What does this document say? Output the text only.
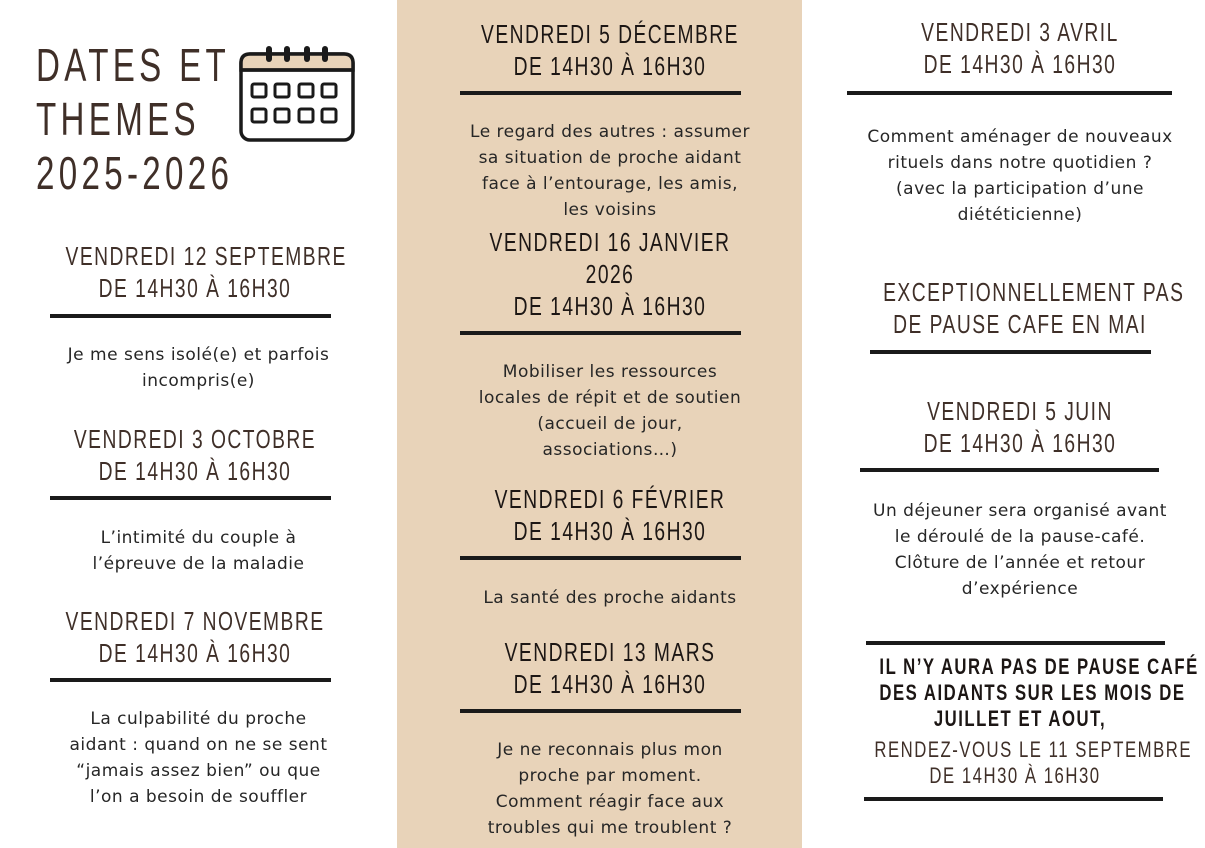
DATES ET
THEMES
2025-2026
VENDREDI 12 SEPTEMBRE
DE 14H30 À 16H30
Je me sens isolé(e) et parfois
incompris(e)
VENDREDI 3 OCTOBRE
DE 14H30 À 16H30
L’intimité du couple à
l’épreuve de la maladie
VENDREDI 7 NOVEMBRE
DE 14H30 À 16H30
La culpabilité du proche
aidant : quand on ne se sent
“jamais assez bien” ou que
l’on a besoin de souffler
VENDREDI 5 DÉCEMBRE
DE 14H30 À 16H30
Le regard des autres : assumer
sa situation de proche aidant
face à l’entourage, les amis,
les voisins
VENDREDI 16 JANVIER
2026
DE 14H30 À 16H30
Mobiliser les ressources
locales de répit et de soutien
(accueil de jour,
associations…)
VENDREDI 6 FÉVRIER
DE 14H30 À 16H30
La santé des proche aidants
VENDREDI 13 MARS
DE 14H30 À 16H30
Je ne reconnais plus mon
proche par moment.
Comment réagir face aux
troubles qui me troublent ?
VENDREDI 3 AVRIL
DE 14H30 À 16H30
Comment aménager de nouveaux
rituels dans notre quotidien ?
(avec la participation d’une
diététicienne)
EXCEPTIONNELLEMENT PAS
DE PAUSE CAFE EN MAI
VENDREDI 5 JUIN
DE 14H30 À 16H30
Un déjeuner sera organisé avant
le déroulé de la pause-café.
Clôture de l’année et retour
d’expérience
IL N’Y AURA PAS DE PAUSE CAFÉ
DES AIDANTS SUR LES MOIS DE
JUILLET ET AOUT,
RENDEZ-VOUS LE 11 SEPTEMBRE
DE 14H30 À 16H30
